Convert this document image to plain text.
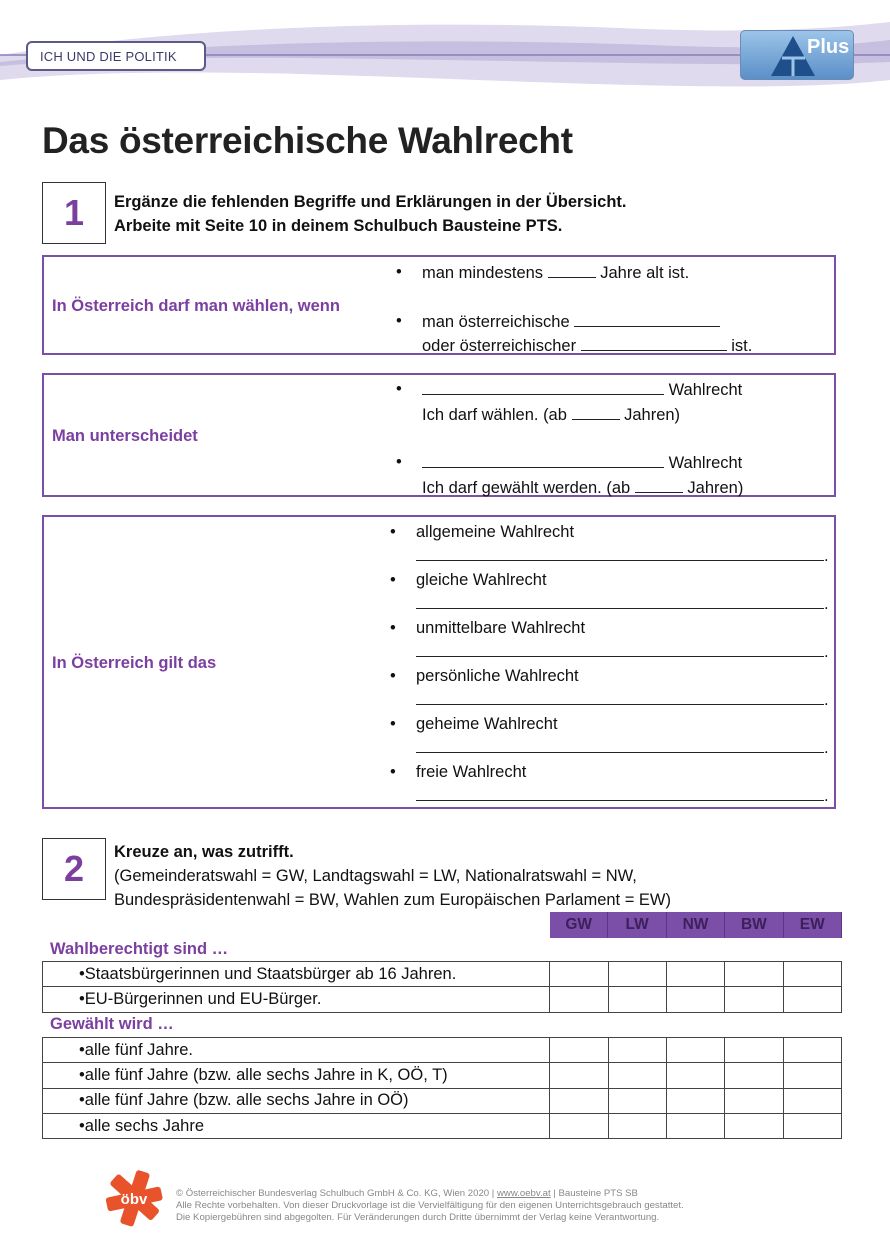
ICH UND DIE POLITIK	Plus
Das österreichische Wahlrecht
1	Ergänze die fehlenden Begriffe und Erklärungen in der Übersicht.
Arbeite mit Seite 10 in deinem Schulbuch Bausteine PTS.
In Österreich darf man wählen, wenn
• man mindestens	Jahre alt ist.
• man österreichische
oder österreichischer	ist.
Man unterscheidet
•	Wahlrecht
Ich darf wählen. (ab	Jahren)
•	Wahlrecht
Ich darf gewählt werden. (ab	Jahren)
In Österreich gilt das
• allgemeine Wahlrecht
.
• gleiche Wahlrecht
.
• unmittelbare Wahlrecht
.
• persönliche Wahlrecht
.
• geheime Wahlrecht
.
• freie Wahlrecht
.
2	Kreuze an, was zutrifft.
(Gemeinderatswahl = GW, Landtagswahl = LW, Nationalratswahl = NW,
Bundespräsidentenwahl = BW, Wahlen zum Europäischen Parlament = EW)
GW	LW	NW	BW	EW
Wahlberechtigt sind …
•Staatsbürgerinnen und Staatsbürger ab 16 Jahren.					
•EU-Bürgerinnen und EU-Bürger.					
Gewählt wird …
•alle fünf Jahre.					
•alle fünf Jahre (bzw. alle sechs Jahre in K, OÖ, T)					
•alle fünf Jahre (bzw. alle sechs Jahre in OÖ)					
•alle sechs Jahre					
öbv	© Österreichischer Bundesverlag Schulbuch GmbH & Co. KG, Wien 2020 | www.oebv.at | Bausteine PTS SB
Alle Rechte vorbehalten. Von dieser Druckvorlage ist die Vervielfältigung für den eigenen Unterrichtsgebrauch gestattet.
Die Kopiergebühren sind abgegolten. Für Veränderungen durch Dritte übernimmt der Verlag keine Verantwortung.
